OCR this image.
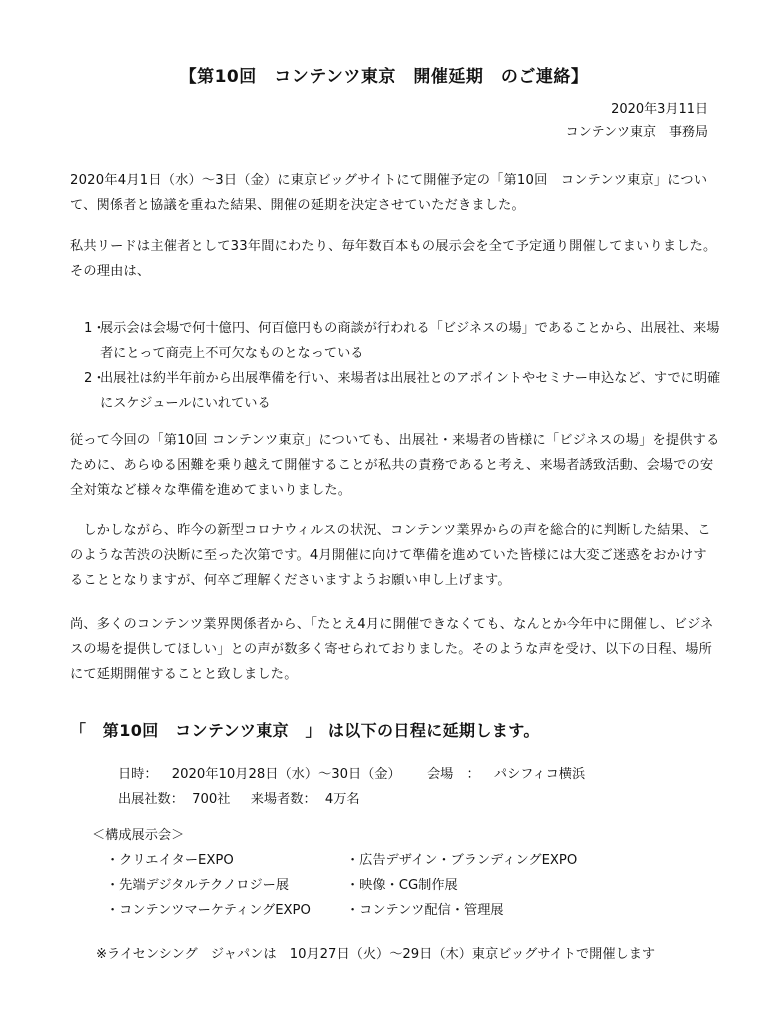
【第10回　コンテンツ東京　開催延期　のご連絡】
2020年3月11日
コンテンツ東京　事務局
2020年4月1日（水）～3日（金）に東京ビッグサイトにて開催予定の「第10回　コンテンツ東京」について、関係者と協議を重ねた結果、開催の延期を決定させていただきました。
私共リードは主催者として33年間にわたり、毎年数百本もの展示会を全て予定通り開催してまいりました。その理由は、
1・
展示会は会場で何十億円、何百億円もの商談が行われる「ビジネスの場」であることから、出展社、来場者にとって商売上不可欠なものとなっている
2・
出展社は約半年前から出展準備を行い、来場者は出展社とのアポイントやセミナー申込など、すでに明確にスケジュールにいれている
従って今回の「第10回 コンテンツ東京」についても、出展社・来場者の皆様に「ビジネスの場」を提供するために、あらゆる困難を乗り越えて開催することが私共の責務であると考え、来場者誘致活動、会場での安全対策など様々な準備を進めてまいりました。
　しかしながら、昨今の新型コロナウィルスの状況、コンテンツ業界からの声を総合的に判断した結果、このような苦渋の決断に至った次第です。4月開催に向けて準備を進めていた皆様には大変ご迷惑をおかけすることとなりますが、何卒ご理解くださいますようお願い申し上げます。
尚、多くのコンテンツ業界関係者から、「たとえ4月に開催できなくても、なんとか今年中に開催し、ビジネスの場を提供してほしい」との声が数多く寄せられておりました。そのような声を受け、以下の日程、場所にて延期開催することと致しました。
「　第10回　コンテンツ東京　」 は以下の日程に延期します。
日時： 2020年10月28日（水）～30日（金） 会場　： パシフィコ横浜
出展社数： 700社 来場者数： 4万名
＜構成展示会＞
・クリエイターEXPO	・広告デザイン・ブランディングEXPO
・先端デジタルテクノロジー展	・映像・CG制作展
・コンテンツマーケティングEXPO	・コンテンツ配信・管理展
※ライセンシング　ジャパンは　10月27日（火）～29日（木）東京ビッグサイトで開催します
